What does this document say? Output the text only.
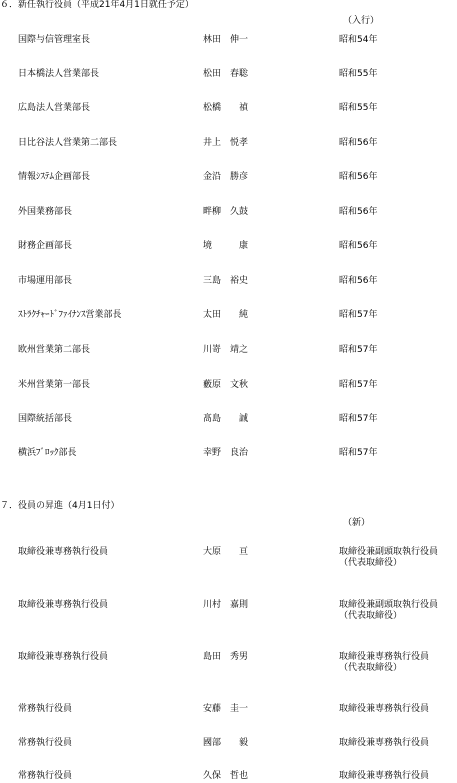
６．新任執行役員（平成21年4月1日就任予定）
（入行）
国際与信管理室長	林田　伸一	昭和54年
日本橋法人営業部長	松田　春聡	昭和55年
広島法人営業部長	松橋　　禎	昭和55年
日比谷法人営業第二部長	井上　悦孝	昭和56年
情報ｼｽﾃﾑ企画部長	金沿　勝彦	昭和56年
外国業務部長	畔柳　久鼓	昭和56年
財務企画部長	境　　　康	昭和56年
市場運用部長	三島　裕史	昭和56年
ｽﾄﾗｸﾁｬｰﾄﾞﾌｧｲﾅﾝｽ営業部長	太田　　純	昭和57年
欧州営業第二部長	川嵜　靖之	昭和57年
米州営業第一部長	藪原　文秋	昭和57年
国際統括部長	髙島　　誠	昭和57年
横浜ﾌﾞﾛｯｸ部長	幸野　良治	昭和57年
７．役員の昇進（4月1日付）
（新）
取締役兼専務執行役員	大原　　亘	取締役兼副頭取執行役員
（代表取締役）
取締役兼専務執行役員	川村　嘉則	取締役兼副頭取執行役員
（代表取締役）
取締役兼専務執行役員	島田　秀男	取締役兼専務執行役員
（代表取締役）
常務執行役員	安藤　圭一	取締役兼専務執行役員
常務執行役員	國部　　毅	取締役兼専務執行役員
常務執行役員	久保　哲也	取締役兼専務執行役員
